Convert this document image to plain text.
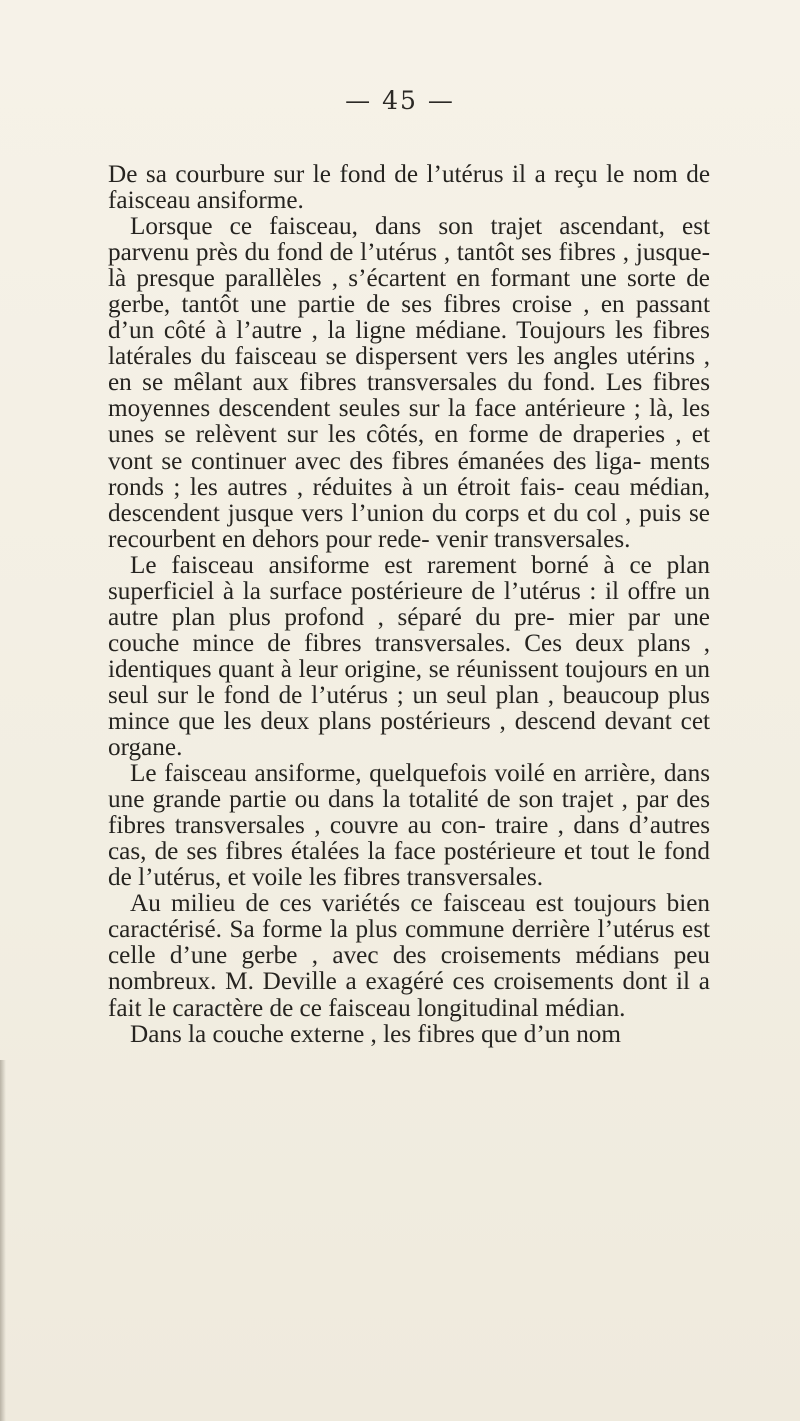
— 45 —

De sa courbure sur le fond de l’utérus il a reçu le nom de faisceau ansiforme.

Lorsque ce faisceau, dans son trajet ascendant, est parvenu près du fond de l’utérus , tantôt ses fibres , jusque-là presque parallèles , s’écartent en formant une sorte de gerbe, tantôt une partie de ses fibres croise , en passant d’un côté à l’autre , la ligne médiane. Toujours les fibres latérales du faisceau se dispersent vers les angles utérins , en se mêlant aux fibres transversales du fond. Les fibres moyennes descendent seules sur la face antérieure ; là, les unes se relèvent sur les côtés, en forme de draperies , et vont se continuer avec des fibres émanées des liga- ments ronds ; les autres , réduites à un étroit fais- ceau médian, descendent jusque vers l’union du corps et du col , puis se recourbent en dehors pour rede- venir transversales.

Le faisceau ansiforme est rarement borné à ce plan superficiel à la surface postérieure de l’utérus : il offre un autre plan plus profond , séparé du pre- mier par une couche mince de fibres transversales. Ces deux plans , identiques quant à leur origine, se réunissent toujours en un seul sur le fond de l’utérus ; un seul plan , beaucoup plus mince que les deux plans postérieurs , descend devant cet organe.

Le faisceau ansiforme, quelquefois voilé en arrière, dans une grande partie ou dans la totalité de son trajet , par des fibres transversales , couvre au con- traire , dans d’autres cas, de ses fibres étalées la face postérieure et tout le fond de l’utérus, et voile les fibres transversales.

Au milieu de ces variétés ce faisceau est toujours bien caractérisé. Sa forme la plus commune derrière l’utérus est celle d’une gerbe , avec des croisements médians peu nombreux. M. Deville a exagéré ces croisements dont il a fait le caractère de ce faisceau longitudinal médian.

Dans la couche externe , les fibres que d’un nom
